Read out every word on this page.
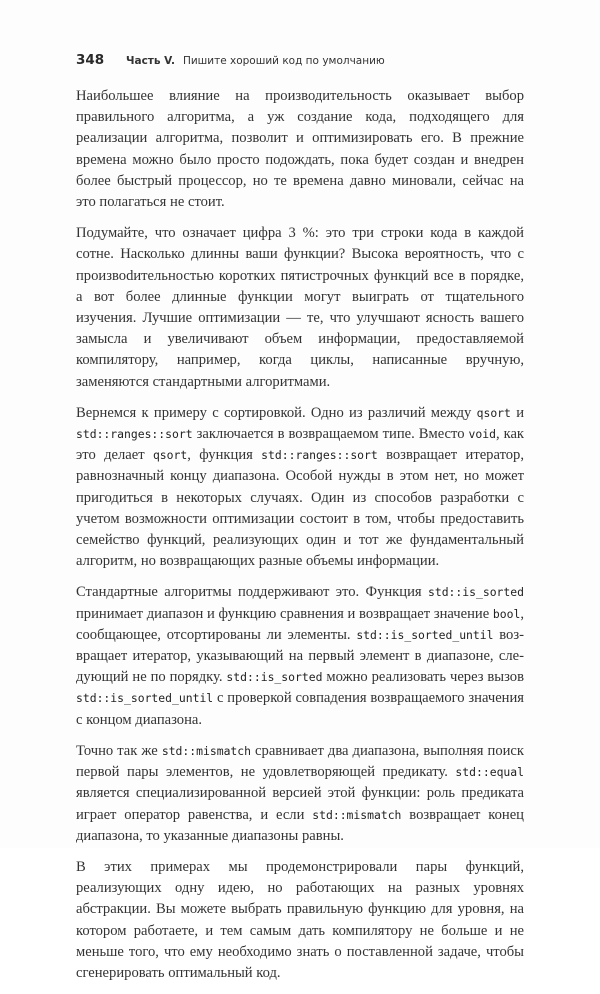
348	Часть V. Пишите хороший код по умолчанию

Наибольшее влияние на производительность оказывает выбор правильного алгоритма, а уж создание кода, подходящего для реализации алгоритма, позволит и оптимизировать его. В прежние времена можно было просто подождать, пока будет создан и внедрен более быстрый процессор, но те времена давно миновали, сейчас на это полагаться не стоит.

Подумайте, что означает цифра 3 %: это три строки кода в каждой сотне. Насколько длинны ваши функции? Высока вероятность, что с произвоdительностью коротких пятистрочных функций все в порядке, а вот более длинные функции могут выиграть от тщательного изучения. Лучшие оптимизации — те, что улучшают ясность вашего замысла и увеличивают объем информации, предоставляемой компилятору, например, когда циклы, написанные вручную, заменяются стандартными алгоритмами.

Вернемся к примеру с сортировкой. Одно из различий между qsort и std::ranges::sort заключается в возвращаемом типе. Вместо void, как это делает qsort, функция std::ranges::sort возвращает итератор, равнозначный концу диапазона. Особой нужды в этом нет, но может пригодиться в некоторых случаях. Один из способов разработки с учетом возможности оптимизации состоит в том, чтобы предоставить семейство функций, реализующих один и тот же фундаментальный алгоритм, но возвращающих разные объемы информации.

Стандартные алгоритмы поддерживают это. Функция std::is_sorted принимает диапазон и функцию сравнения и возвращает значение bool, сообщающее, отсортированы ли элементы. std::is_sorted_until возвращает итератор, указывающий на первый элемент в диапазоне, следующий не по порядку. std::is_sorted можно реализовать через вызов std::is_sorted_until с проверкой совпадения возвращаемого значения с концом диапазона.

Точно так же std::mismatch сравнивает два диапазона, выполняя поиск первой пары элементов, не удовлетворяющей предикату. std::equal является специализированной версией этой функции: роль предиката играет оператор равенства, и если std::mismatch возвращает конец диапазона, то указанные диапазоны равны.

В этих примерах мы продемонстрировали пары функций, реализующих одну идею, но работающих на разных уровнях абстракции. Вы можете выбрать правильную функцию для уровня, на котором работаете, и тем самым дать компилятору не больше и не меньше того, что ему необходимо знать о поставленной задаче, чтобы сгенерировать оптимальный код.
